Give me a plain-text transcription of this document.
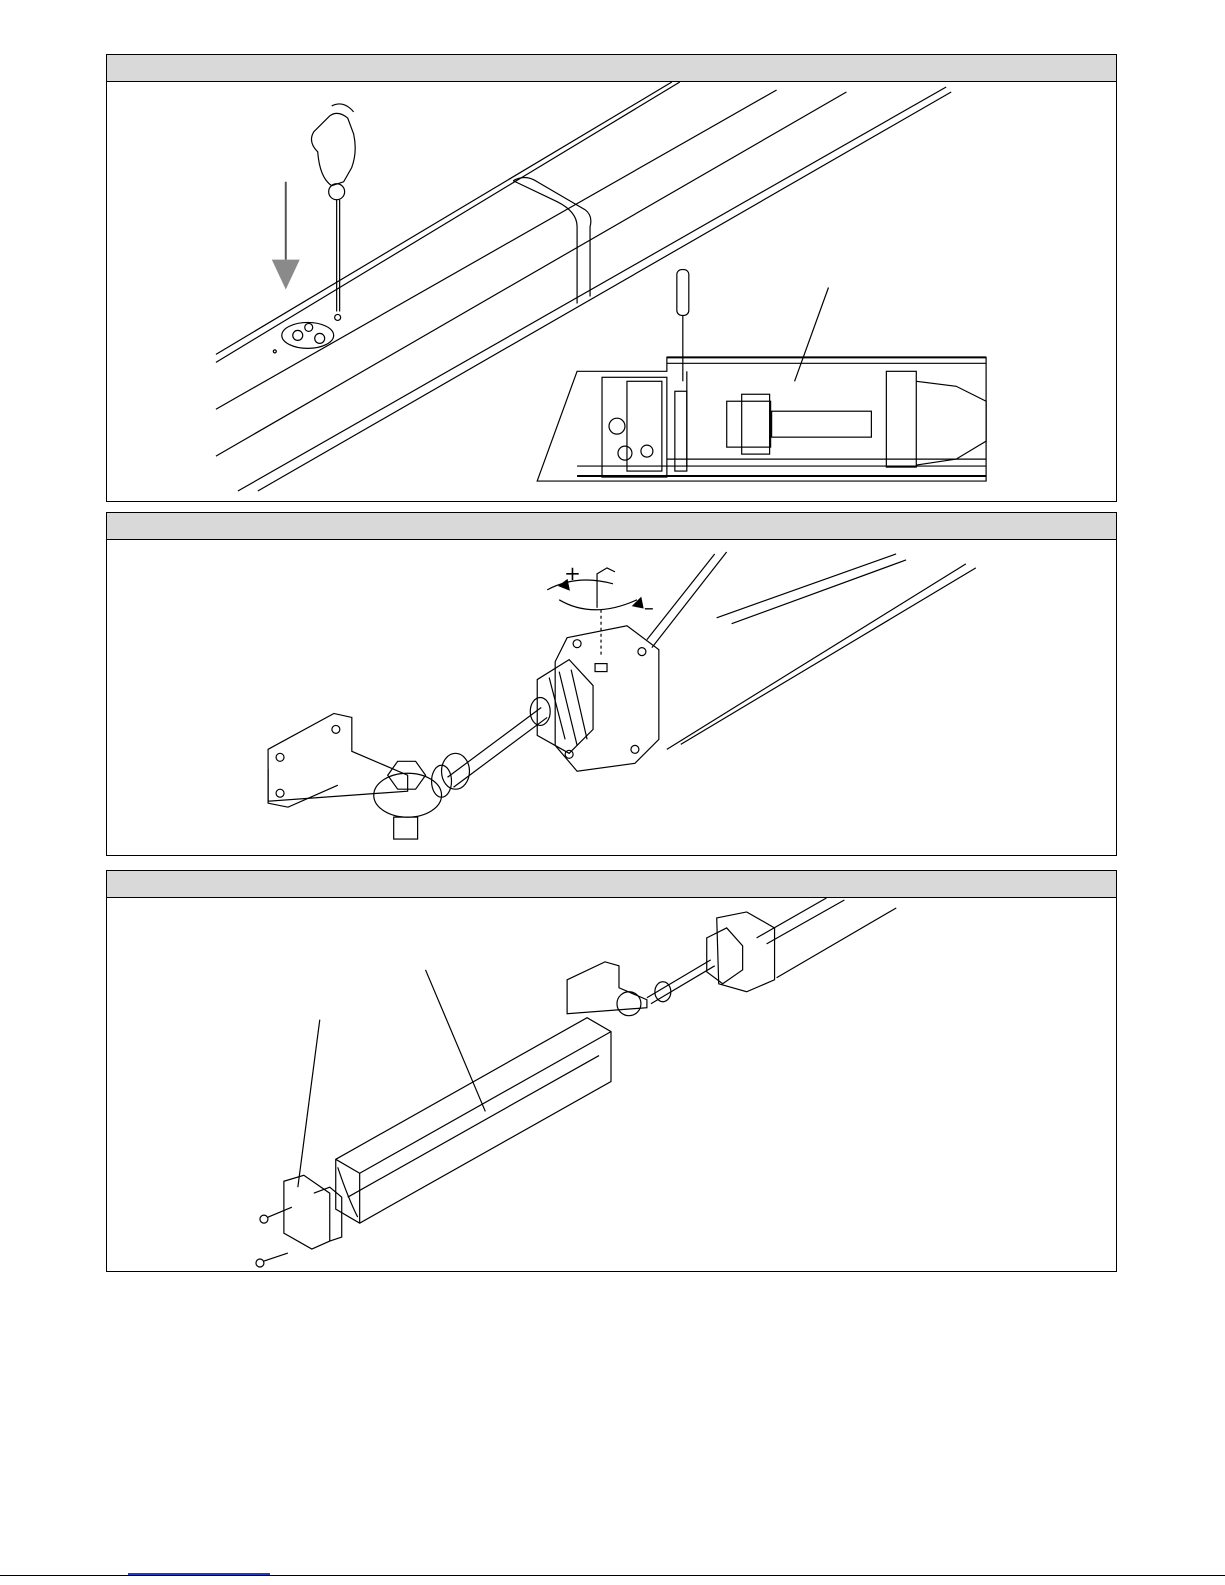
+
–
